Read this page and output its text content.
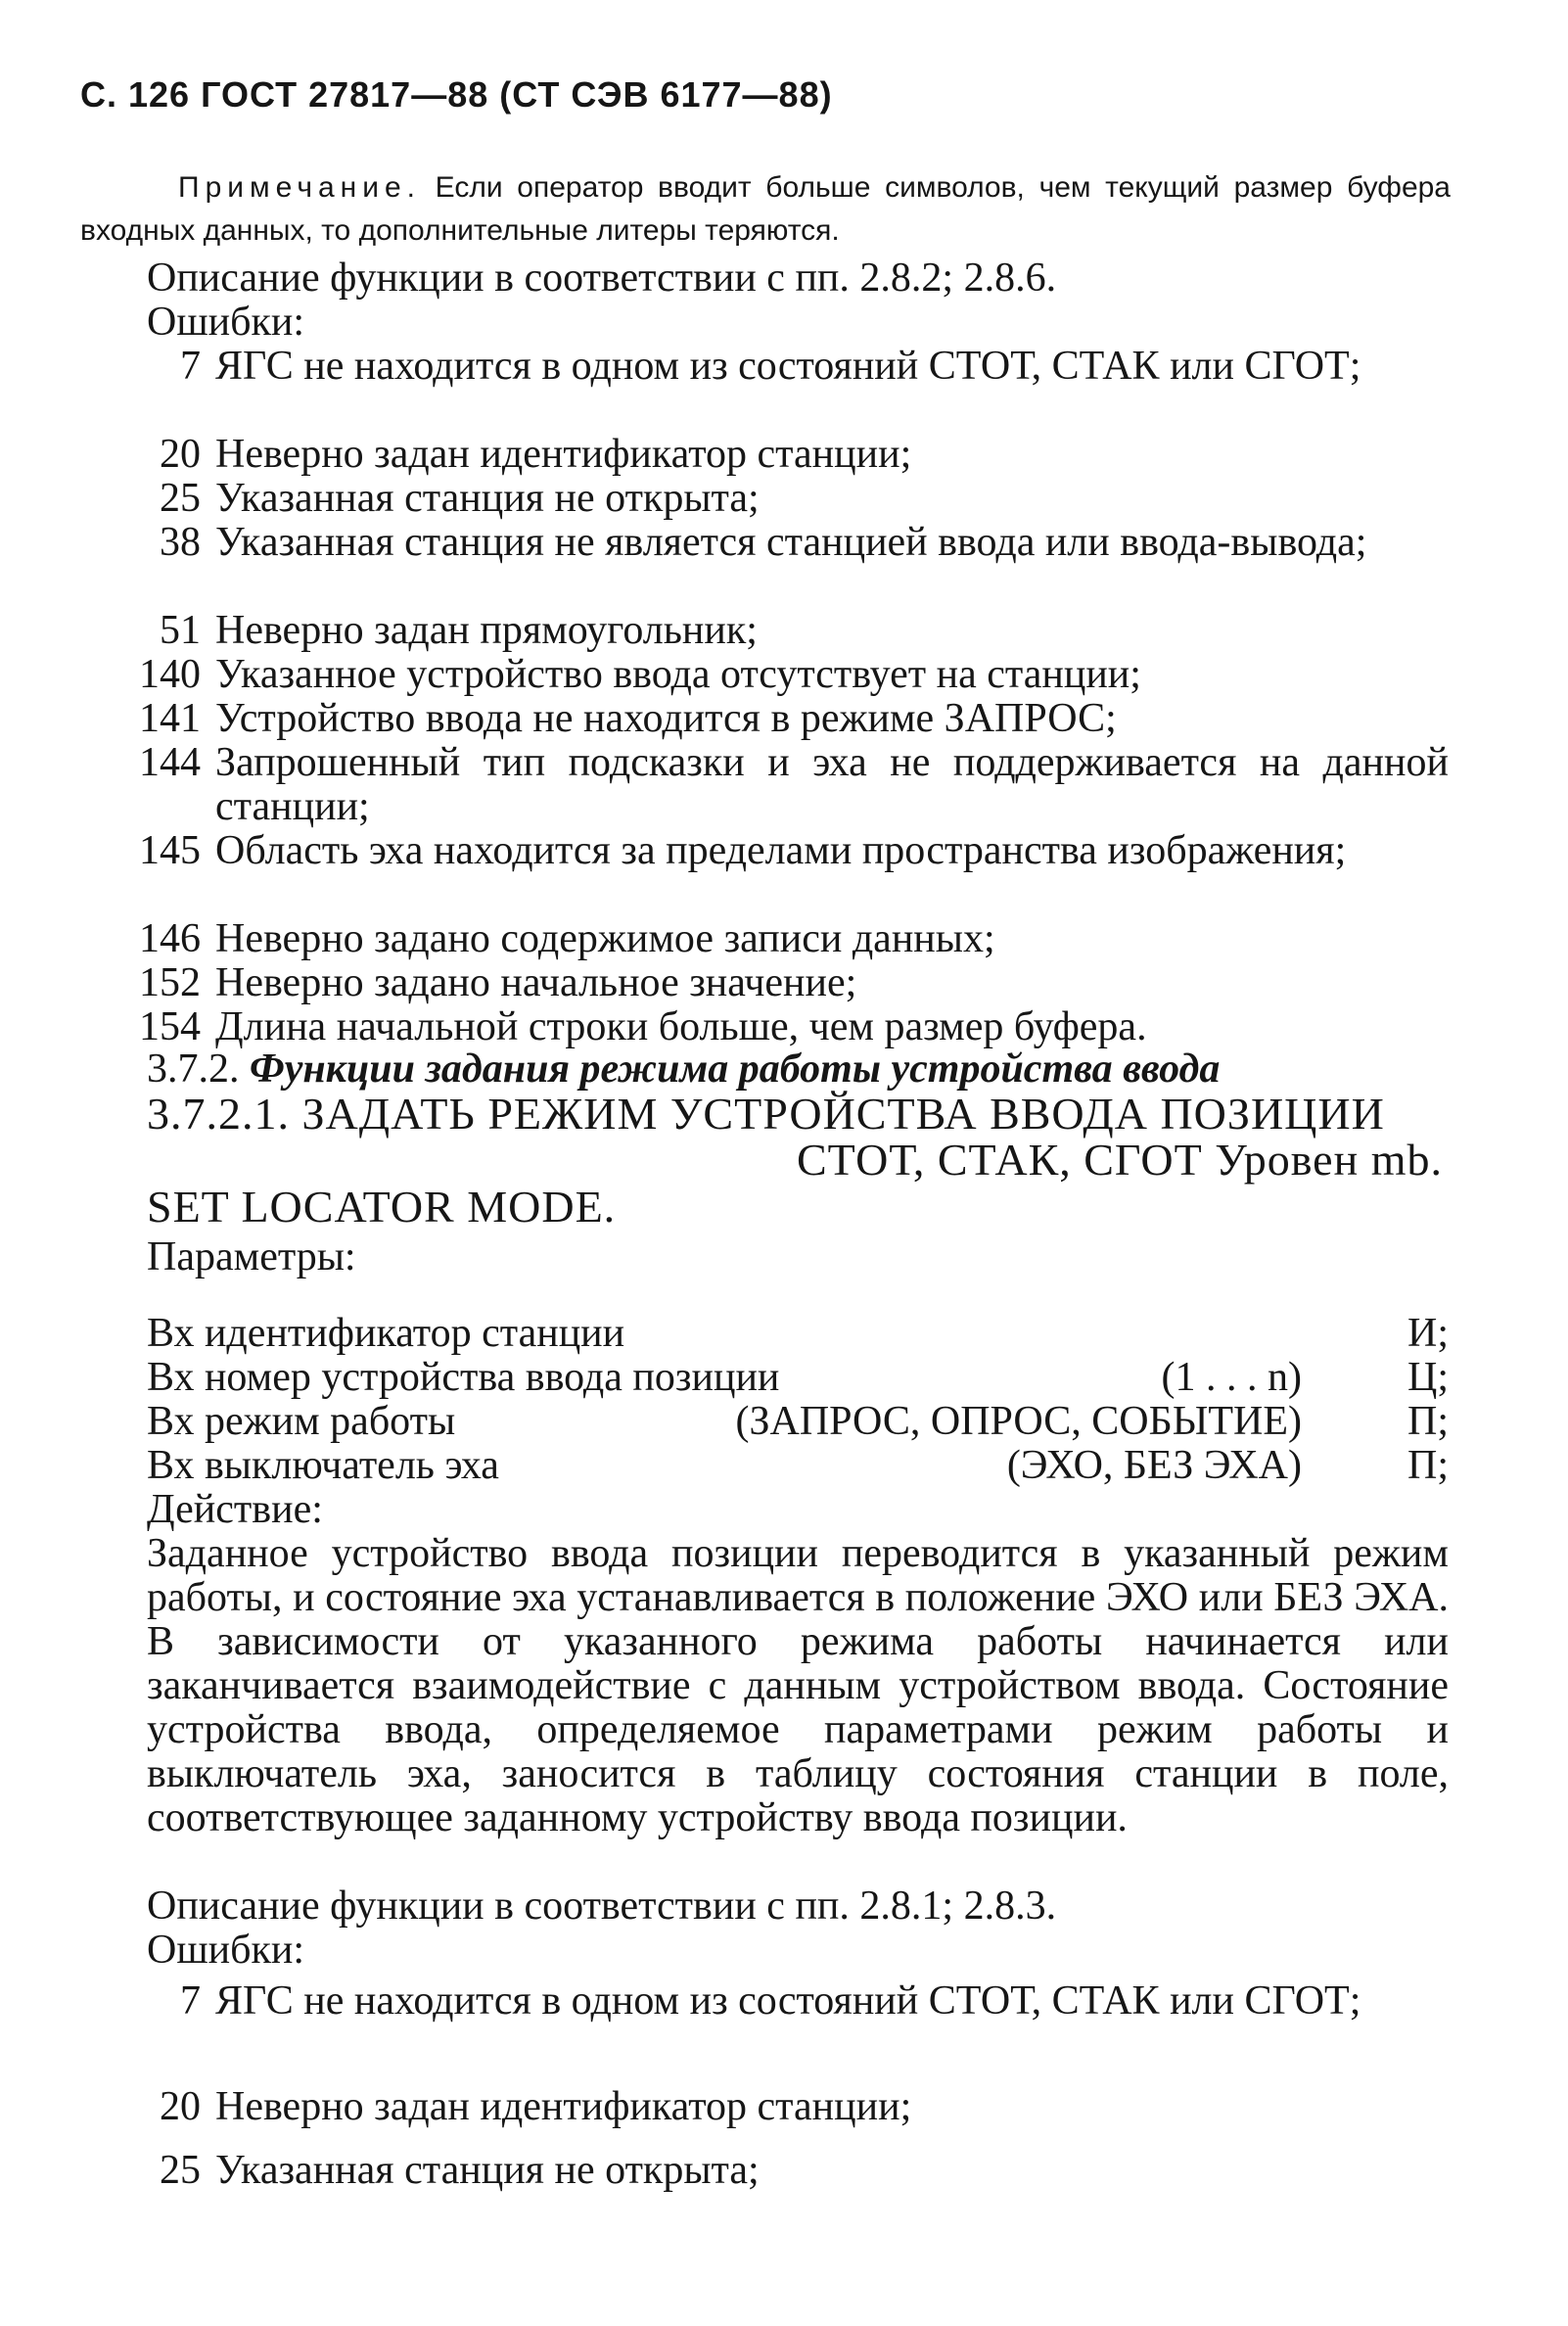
С. 126 ГОСТ 27817—88 (СТ СЭВ 6177—88)
Примечание. Если оператор вводит больше символов, чем текущий размер буфера входных данных, то дополнительные литеры теряются.
Описание функции в соответствии с пп. 2.8.2; 2.8.6.
Ошибки:
7 ЯГС не находится в одном из состояний СТОТ, СТАК или СГОТ;
20 Неверно задан идентификатор станции;
25 Указанная станция не открыта;
38 Указанная станция не является станцией ввода или ввода-вывода;
51 Неверно задан прямоугольник;
140 Указанное устройство ввода отсутствует на станции;
141 Устройство ввода не находится в режиме ЗАПРОС;
144 Запрошенный тип подсказки и эха не поддерживается на данной станции;
145 Область эха находится за пределами пространства изображения;
146 Неверно задано содержимое записи данных;
152 Неверно задано начальное значение;
154 Длина начальной строки больше, чем размер буфера.
3.7.2. Функции задания режима работы устройства ввода
3.7.2.1. ЗАДАТЬ РЕЖИМ УСТРОЙСТВА ВВОДА ПОЗИЦИИ
СТОТ, СТАК, СГОТ Уровен mb.
SET LOCATOR MODE.
Параметры:
Вх идентификатор станции	И;
Вх номер устройства ввода позиции	(1 . . . n)	Ц;
Вх режим работы	(ЗАПРОС, ОПРОС, СОБЫТИЕ)	П;
Вх выключатель эха	(ЭХО, БЕЗ ЭХА)	П;
Действие:
Заданное устройство ввода позиции переводится в указанный режим работы, и состояние эха устанавливается в положение ЭХО или БЕЗ ЭХА. В зависимости от указанного режима работы начинается или заканчивается взаимодействие с данным устройством ввода. Состояние устройства ввода, определяемое параметрами режим работы и выключатель эха, заносится в таблицу состояния станции в поле, соответствующее заданному устройству ввода позиции.
Описание функции в соответствии с пп. 2.8.1; 2.8.3.
Ошибки:
7 ЯГС не находится в одном из состояний СТОТ, СТАК или СГОТ;
20 Неверно задан идентификатор станции;
25 Указанная станция не открыта;
